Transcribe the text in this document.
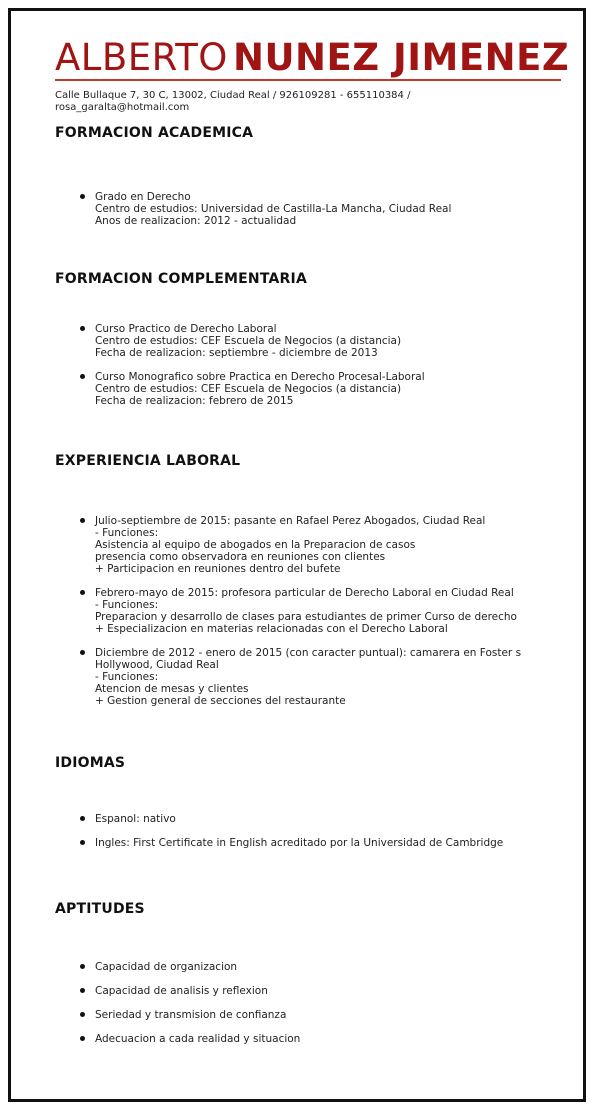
ALBERTO NUNEZ JIMENEZ
Calle Bullaque 7, 30 C, 13002, Ciudad Real / 926109281 - 655110384 /
rosa_garalta@hotmail.com
FORMACION ACADEMICA
Grado en Derecho
Centro de estudios: Universidad de Castilla-La Mancha, Ciudad Real
Anos de realizacion: 2012 - actualidad
FORMACION COMPLEMENTARIA
Curso Practico de Derecho Laboral
Centro de estudios: CEF Escuela de Negocios (a distancia)
Fecha de realizacion: septiembre - diciembre de 2013
Curso Monografico sobre Practica en Derecho Procesal-Laboral
Centro de estudios: CEF Escuela de Negocios (a distancia)
Fecha de realizacion: febrero de 2015
EXPERIENCIA LABORAL
Julio-septiembre de 2015: pasante en Rafael Perez Abogados, Ciudad Real
- Funciones:
Asistencia al equipo de abogados en la Preparacion de casos
presencia como observadora en reuniones con clientes
+ Participacion en reuniones dentro del bufete
Febrero-mayo de 2015: profesora particular de Derecho Laboral en Ciudad Real
- Funciones:
Preparacion y desarrollo de clases para estudiantes de primer Curso de derecho
+ Especializacion en materias relacionadas con el Derecho Laboral
Diciembre de 2012 - enero de 2015 (con caracter puntual): camarera en Foster s
Hollywood, Ciudad Real
- Funciones:
Atencion de mesas y clientes
+ Gestion general de secciones del restaurante
IDIOMAS
Espanol: nativo
Ingles: First Certificate in English acreditado por la Universidad de Cambridge
APTITUDES
Capacidad de organizacion
Capacidad de analisis y reflexion
Seriedad y transmision de confianza
Adecuacion a cada realidad y situacion
